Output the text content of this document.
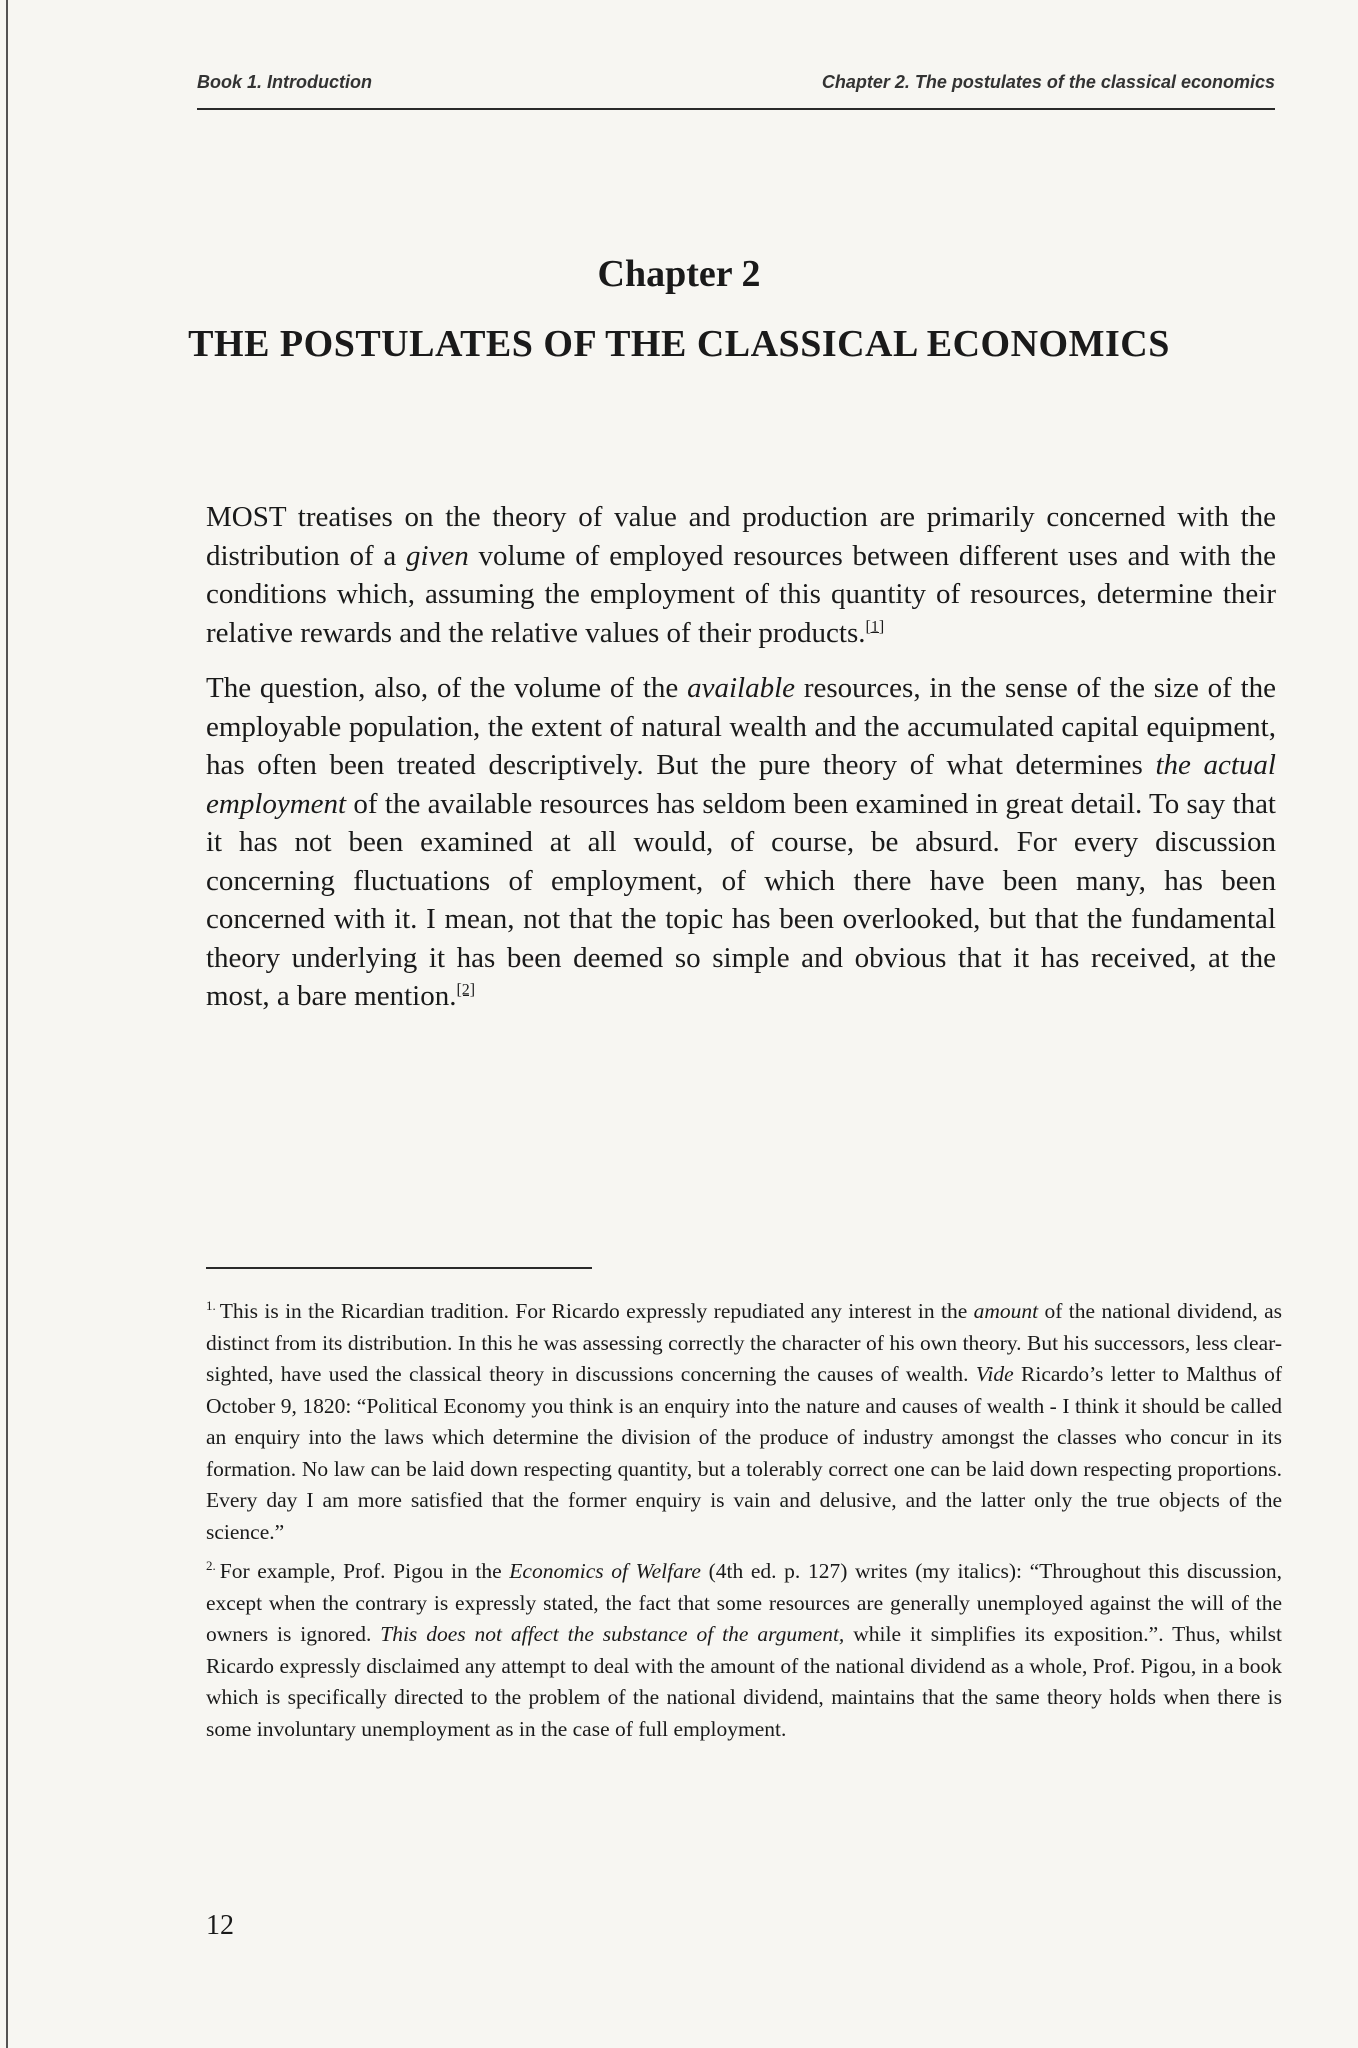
Book 1. Introduction	Chapter 2. The postulates of the classical economics
Chapter 2
THE POSTULATES OF THE CLASSICAL ECONOMICS

MOST treatises on the theory of value and production are primarily concerned with the distribution of a given volume of employed resources between different uses and with the conditions which, assuming the employment of this quantity of resources, determine their relative rewards and the relative values of their products.[1]

The question, also, of the volume of the available resources, in the sense of the size of the employable population, the extent of natural wealth and the accumulated capital equipment, has often been treated descriptively. But the pure theory of what determines the actual employment of the available resources has seldom been examined in great detail. To say that it has not been examined at all would, of course, be absurd. For every discussion concerning fluctuations of employment, of which there have been many, has been concerned with it. I mean, not that the topic has been overlooked, but that the fundamental theory underlying it has been deemed so simple and obvious that it has received, at the most, a bare mention.[2]

$^{1.}$ This is in the Ricardian tradition. For Ricardo expressly repudiated any interest in the amount of the national dividend, as distinct from its distribution. In this he was assessing correctly the character of his own theory. But his successors, less clear-sighted, have used the classical theory in discussions concerning the causes of wealth. Vide Ricardo’s letter to Malthus of October 9, 1820: “Political Economy you think is an enquiry into the nature and causes of wealth - I think it should be called an enquiry into the laws which determine the division of the produce of industry amongst the classes who concur in its formation. No law can be laid down respecting quantity, but a tolerably correct one can be laid down respecting proportions. Every day I am more satisfied that the former enquiry is vain and delusive, and the latter only the true objects of the science.”

$^{2.}$ For example, Prof. Pigou in the Economics of Welfare (4th ed. p. 127) writes (my italics): “Throughout this discussion, except when the contrary is expressly stated, the fact that some resources are generally unemployed against the will of the owners is ignored. This does not affect the substance of the argument, while it simplifies its exposition.”. Thus, whilst Ricardo expressly disclaimed any attempt to deal with the amount of the national dividend as a whole, Prof. Pigou, in a book which is specifically directed to the problem of the national dividend, maintains that the same theory holds when there is some involuntary unemployment as in the case of full employment.

12
